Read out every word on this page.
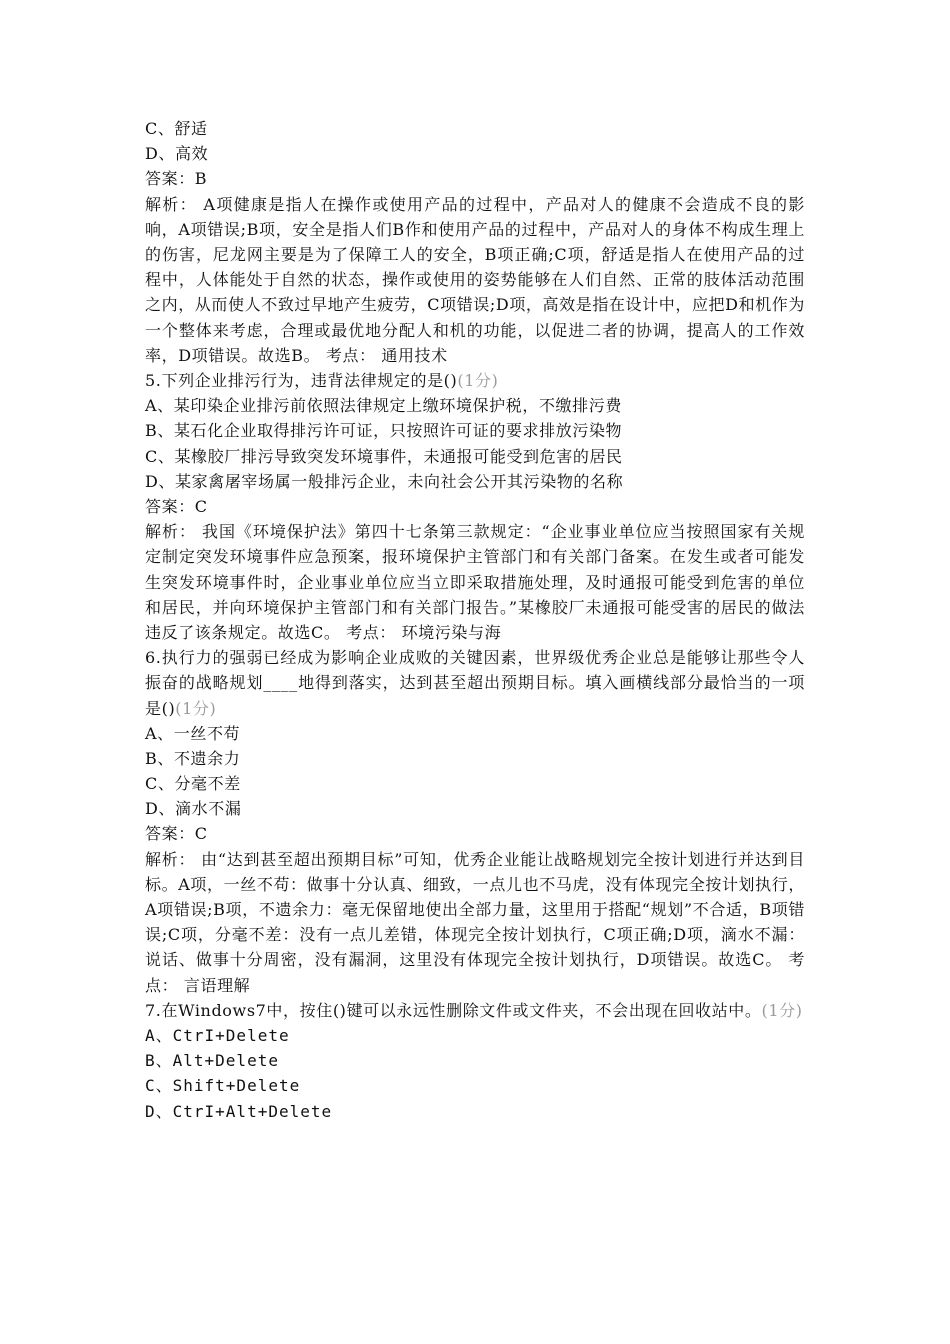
C、舒适
D、高效
答案：B
解析： A项健康是指人在操作或使用产品的过程中，产品对人的健康不会造成不良的影响，A项错误;B项，安全是指人们B作和使用产品的过程中，产品对人的身体不构成生理上的伤害，尼龙网主要是为了保障工人的安全，B项正确;C项，舒适是指人在使用产品的过程中，人体能处于自然的状态，操作或使用的姿势能够在人们自然、正常的肢体活动范围之内，从而使人不致过早地产生疲劳，C项错误;D项，高效是指在设计中，应把D和机作为一个整体来考虑，合理或最优地分配人和机的功能，以促进二者的协调，提高人的工作效率，D项错误。故选B。 考点： 通用技术
5.下列企业排污行为，违背法律规定的是()(1分)
A、某印染企业排污前依照法律规定上缴环境保护税，不缴排污费
B、某石化企业取得排污许可证，只按照许可证的要求排放污染物
C、某橡胶厂排污导致突发环境事件，未通报可能受到危害的居民
D、某家禽屠宰场属一般排污企业，未向社会公开其污染物的名称
答案：C
解析： 我国《环境保护法》第四十七条第三款规定：“企业事业单位应当按照国家有关规定制定突发环境事件应急预案，报环境保护主管部门和有关部门备案。在发生或者可能发生突发环境事件时，企业事业单位应当立即采取措施处理，及时通报可能受到危害的单位和居民，并向环境保护主管部门和有关部门报告。”某橡胶厂未通报可能受害的居民的做法违反了该条规定。故选C。 考点： 环境污染与海
6.执行力的强弱已经成为影响企业成败的关键因素，世界级优秀企业总是能够让那些令人振奋的战略规划____地得到落实，达到甚至超出预期目标。填入画横线部分最恰当的一项是()(1分)
A、一丝不苟
B、不遗余力
C、分毫不差
D、滴水不漏
答案：C
解析： 由“达到甚至超出预期目标”可知，优秀企业能让战略规划完全按计划进行并达到目标。A项，一丝不苟：做事十分认真、细致，一点儿也不马虎，没有体现完全按计划执行，A项错误;B项，不遗余力：毫无保留地使出全部力量，这里用于搭配“规划”不合适，B项错误;C项，分毫不差：没有一点儿差错，体现完全按计划执行，C项正确;D项，滴水不漏：说话、做事十分周密，没有漏洞，这里没有体现完全按计划执行，D项错误。故选C。 考点： 言语理解
7.在Windows7中，按住()键可以永远性删除文件或文件夹，不会出现在回收站中。(1分)
A、CtrI+Delete
B、Alt+Delete
C、Shift+Delete
D、CtrI+Alt+Delete
